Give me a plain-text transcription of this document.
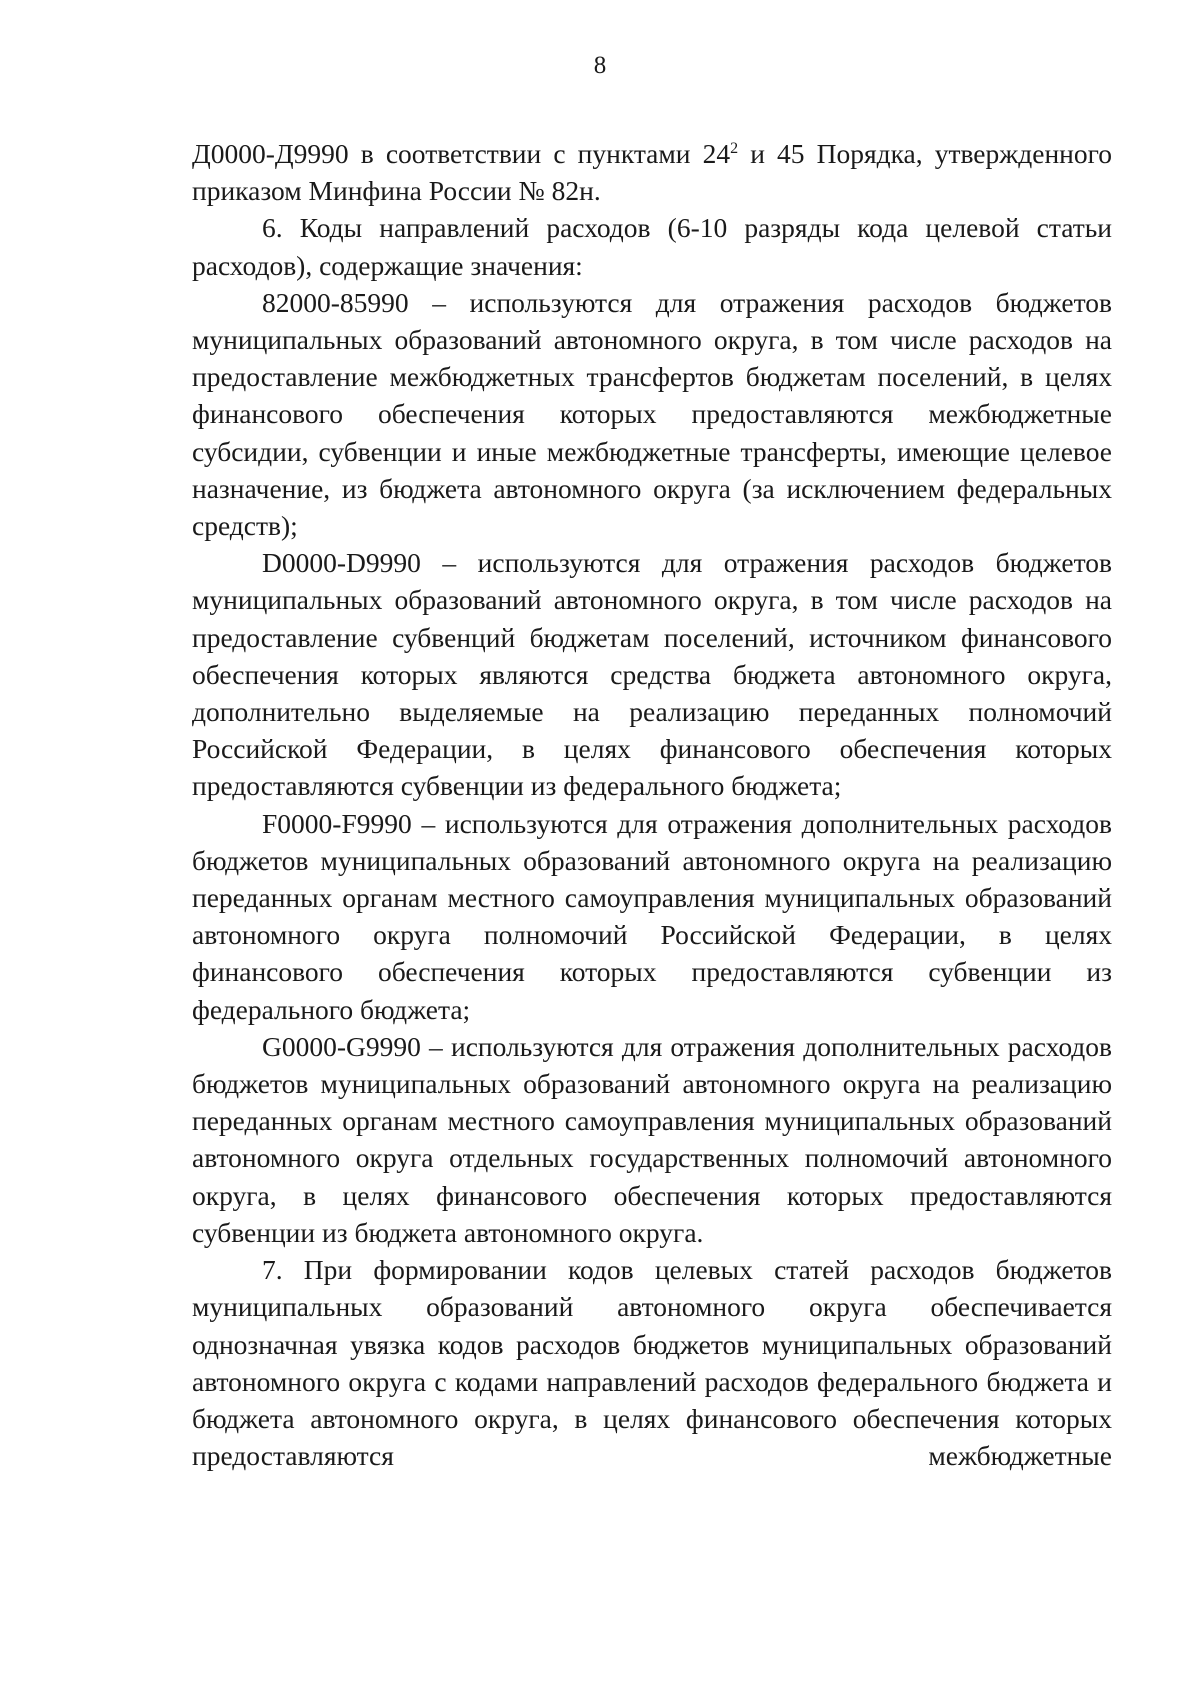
8

Д0000-Д9990 в соответствии с пунктами $24^2$ и 45 Порядка, утвержденного приказом Минфина России № 82н.

6. Коды направлений расходов (6-10 разряды кода целевой статьи расходов), содержащие значения:

82000-85990 – используются для отражения расходов бюджетов муниципальных образований автономного округа, в том числе расходов на предоставление межбюджетных трансфертов бюджетам поселений, в целях финансового обеспечения которых предоставляются межбюджетные субсидии, субвенции и иные межбюджетные трансферты, имеющие целевое назначение, из бюджета автономного округа (за исключением федеральных средств);

D0000-D9990 – используются для отражения расходов бюджетов муниципальных образований автономного округа, в том числе расходов на предоставление субвенций бюджетам поселений, источником финансового обеспечения которых являются средства бюджета автономного округа, дополнительно выделяемые на реализацию переданных полномочий Российской Федерации, в целях финансового обеспечения которых предоставляются субвенции из федерального бюджета;

F0000-F9990 – используются для отражения дополнительных расходов бюджетов муниципальных образований автономного округа на реализацию переданных органам местного самоуправления муниципальных образований автономного округа полномочий Российской Федерации, в целях финансового обеспечения которых предоставляются субвенции из федерального бюджета;

G0000-G9990 – используются для отражения дополнительных расходов бюджетов муниципальных образований автономного округа на реализацию переданных органам местного самоуправления муниципальных образований автономного округа отдельных государственных полномочий автономного округа, в целях финансового обеспечения которых предоставляются субвенции из бюджета автономного округа.

7. При формировании кодов целевых статей расходов бюджетов муниципальных образований автономного округа обеспечивается однозначная увязка кодов расходов бюджетов муниципальных образований автономного округа с кодами направлений расходов федерального бюджета и бюджета автономного округа, в целях финансового обеспечения которых предоставляются межбюджетные
